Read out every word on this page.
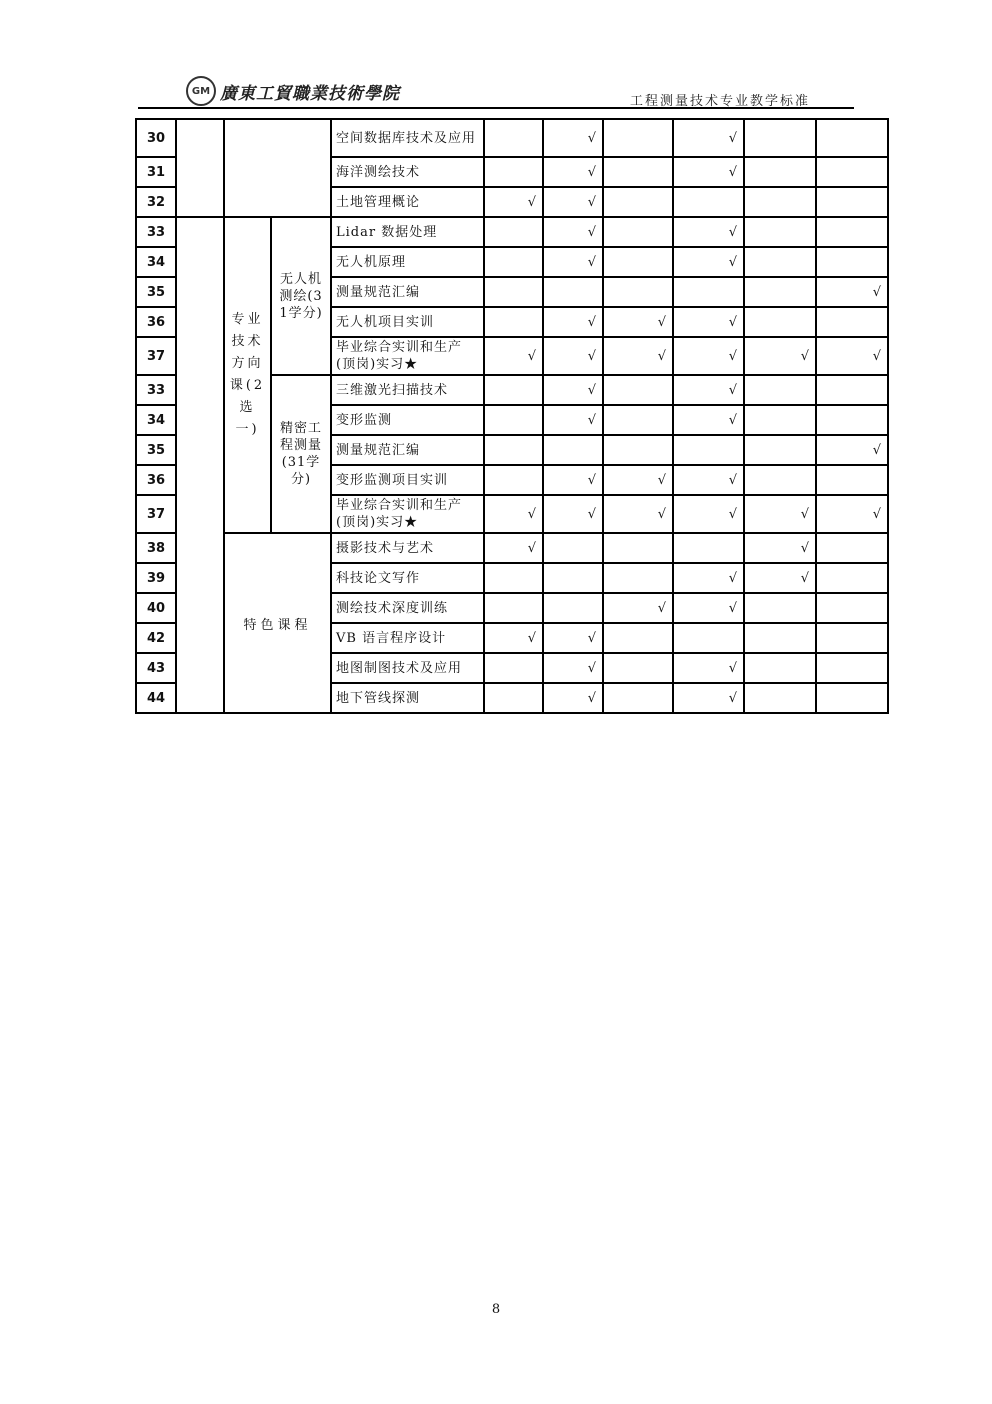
GM 廣東工貿職業技術學院	工程测量技术专业教学标准
30				空间数据库技术及应用		√		√		
31				海洋测绘技术		√		√		
32				土地管理概论	√	√				
33		专业技术方向课(2选一)	无人机测绘(31学分)	Lidar 数据处理		√		√		
34				无人机原理		√		√		
35				测量规范汇编						√
36				无人机项目实训		√	√	√		
37				毕业综合实训和生产(顶岗)实习★	√	√	√	√	√	√
33			精密工程测量(31学分)	三维激光扫描技术		√		√		
34				变形监测		√		√		
35				测量规范汇编						√
36				变形监测项目实训		√	√	√		
37				毕业综合实训和生产(顶岗)实习★	√	√	√	√	√	√
38		特色课程		摄影技术与艺术	√				√	
39				科技论文写作				√	√	
40				测绘技术深度训练			√	√		
42				VB 语言程序设计	√	√				
43				地图制图技术及应用		√		√		
44				地下管线探测		√		√		
8
